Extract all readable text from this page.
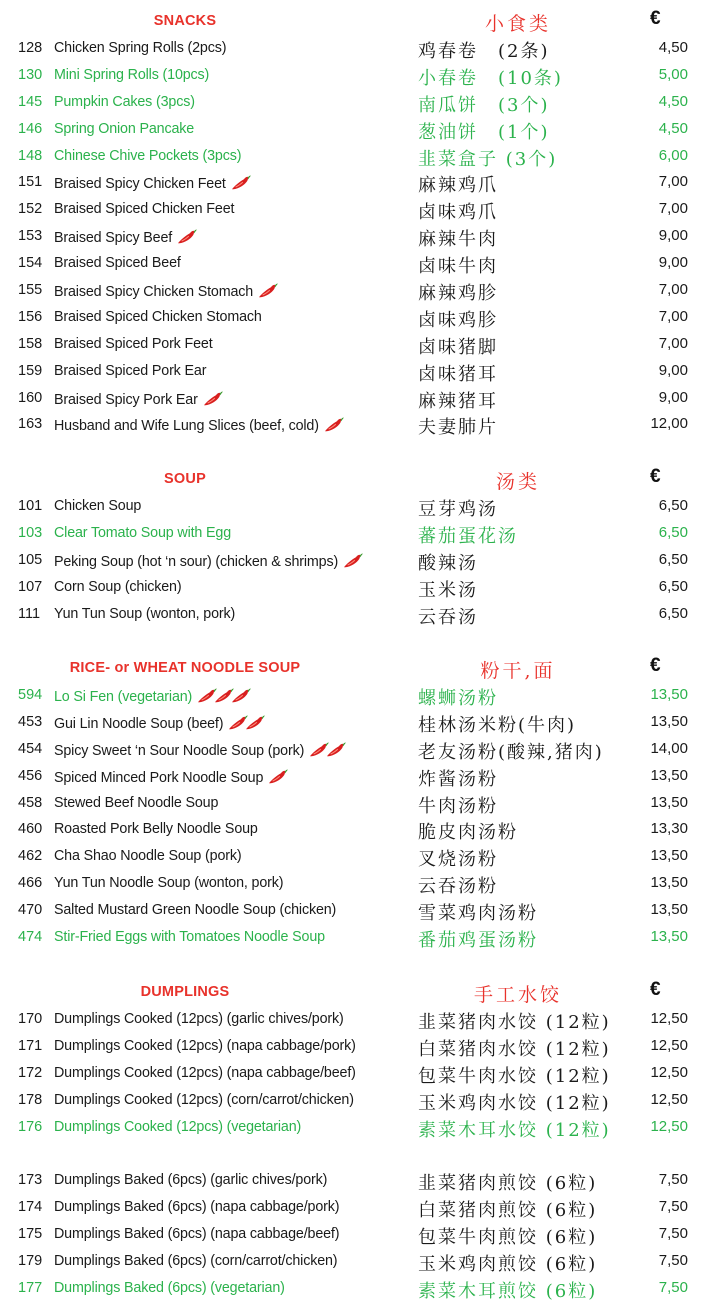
SNACKS	小食类	€
128 Chicken Spring Rolls (2pcs)	鸡春卷　(2条)	4,50
130 Mini Spring Rolls (10pcs)	小春卷　(10条)	5,00
145 Pumpkin Cakes (3pcs)	南瓜饼　(3个)	4,50
146 Spring Onion Pancake	葱油饼　(1个)	4,50
148 Chinese Chive Pockets (3pcs)	韭菜盒子 (3个)	6,00
151 Braised Spicy Chicken Feet	麻辣鸡爪	7,00
152 Braised Spiced Chicken Feet	卤味鸡爪	7,00
153 Braised Spicy Beef	麻辣牛肉	9,00
154 Braised Spiced Beef	卤味牛肉	9,00
155 Braised Spicy Chicken Stomach	麻辣鸡胗	7,00
156 Braised Spiced Chicken Stomach	卤味鸡胗	7,00
158 Braised Spiced Pork Feet	卤味猪脚	7,00
159 Braised Spiced Pork Ear	卤味猪耳	9,00
160 Braised Spicy Pork Ear	麻辣猪耳	9,00
163 Husband and Wife Lung Slices (beef, cold)	夫妻肺片	12,00
SOUP	汤类	€
101 Chicken Soup	豆芽鸡汤	6,50
103 Clear Tomato Soup with Egg	蕃茄蛋花汤	6,50
105 Peking Soup (hot ‘n sour) (chicken & shrimps)	酸辣汤	6,50
107 Corn Soup (chicken)	玉米汤	6,50
111 Yun Tun Soup (wonton, pork)	云吞汤	6,50
RICE- or WHEAT NOODLE SOUP	粉干,面	€
594 Lo Si Fen (vegetarian)	螺蛳汤粉	13,50
453 Gui Lin Noodle Soup (beef)	桂林汤米粉(牛肉)	13,50
454 Spicy Sweet ‘n Sour Noodle Soup (pork)	老友汤粉(酸辣,猪肉)	14,00
456 Spiced Minced Pork Noodle Soup	炸酱汤粉	13,50
458 Stewed Beef Noodle Soup	牛肉汤粉	13,50
460 Roasted Pork Belly Noodle Soup	脆皮肉汤粉	13,30
462 Cha Shao Noodle Soup (pork)	叉烧汤粉	13,50
466 Yun Tun Noodle Soup (wonton, pork)	云吞汤粉	13,50
470 Salted Mustard Green Noodle Soup (chicken)	雪菜鸡肉汤粉	13,50
474 Stir-Fried Eggs with Tomatoes Noodle Soup	番茄鸡蛋汤粉	13,50
DUMPLINGS	手工水饺	€
170 Dumplings Cooked (12pcs) (garlic chives/pork)	韭菜猪肉水饺 (12粒)	12,50
171 Dumplings Cooked (12pcs) (napa cabbage/pork)	白菜猪肉水饺 (12粒)	12,50
172 Dumplings Cooked (12pcs) (napa cabbage/beef)	包菜牛肉水饺 (12粒)	12,50
178 Dumplings Cooked (12pcs) (corn/carrot/chicken)	玉米鸡肉水饺 (12粒)	12,50
176 Dumplings Cooked (12pcs) (vegetarian)	素菜木耳水饺 (12粒)	12,50
173 Dumplings Baked (6pcs) (garlic chives/pork)	韭菜猪肉煎饺 (6粒)	7,50
174 Dumplings Baked (6pcs) (napa cabbage/pork)	白菜猪肉煎饺 (6粒)	7,50
175 Dumplings Baked (6pcs) (napa cabbage/beef)	包菜牛肉煎饺 (6粒)	7,50
179 Dumplings Baked (6pcs) (corn/carrot/chicken)	玉米鸡肉煎饺 (6粒)	7,50
177 Dumplings Baked (6pcs) (vegetarian)	素菜木耳煎饺 (6粒)	7,50
